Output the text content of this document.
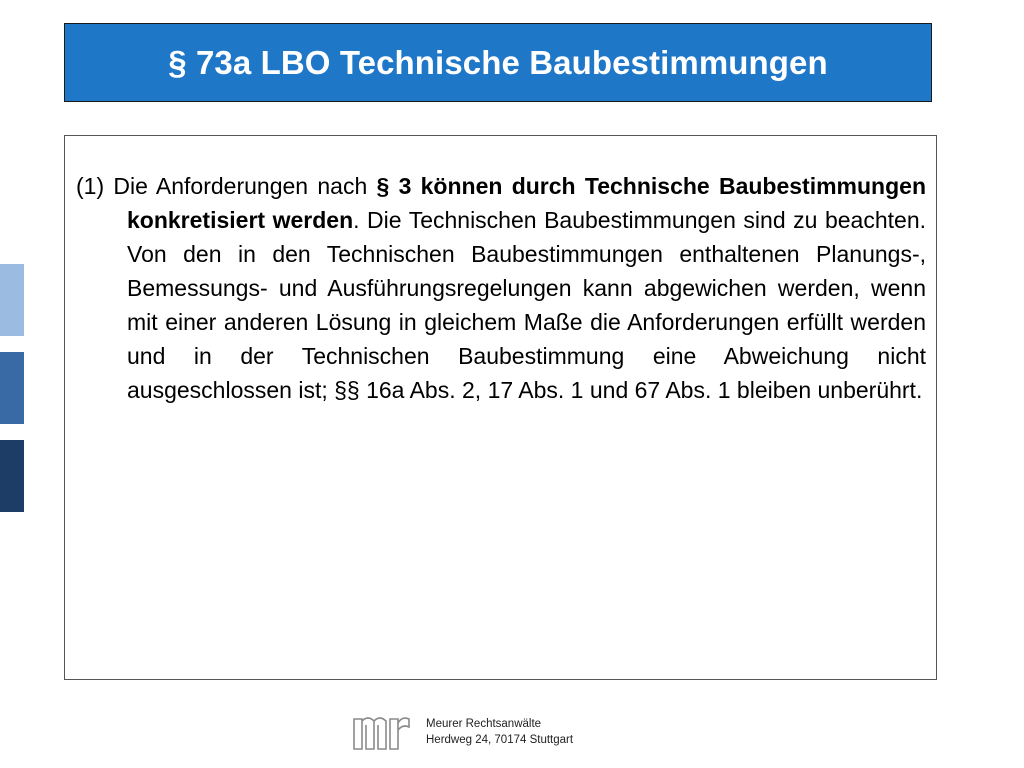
§ 73a LBO Technische Baubestimmungen

(1) Die Anforderungen nach § 3 können durch Technische Baubestimmungen konkretisiert werden. Die Technischen Baubestimmungen sind zu beachten. Von den in den Technischen Baubestimmungen enthaltenen Planungs-, Bemessungs- und Ausführungsregelungen kann abgewichen werden, wenn mit einer anderen Lösung in gleichem Maße die Anforderungen erfüllt werden und in der Technischen Baubestimmung eine Abweichung nicht ausgeschlossen ist; §§ 16a Abs. 2, 17 Abs. 1 und 67 Abs. 1 bleiben unberührt.

Meurer Rechtsanwälte
Herdweg 24, 70174 Stuttgart
